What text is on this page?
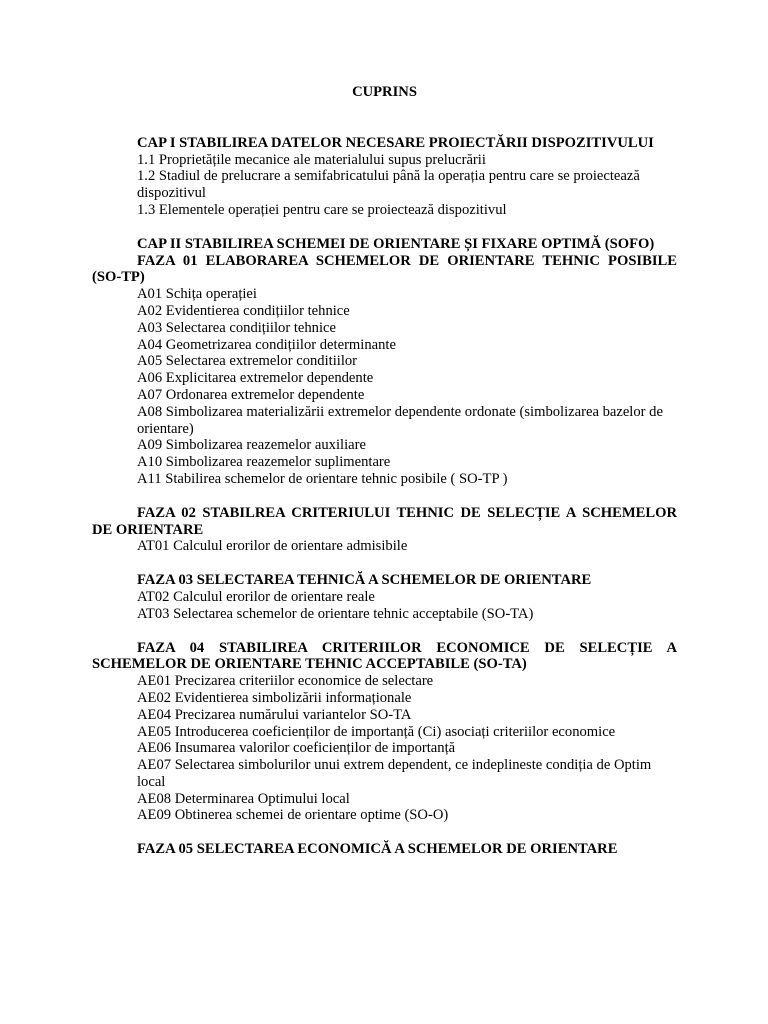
CUPRINS
CAP I STABILIREA DATELOR NECESARE PROIECTĂRII DISPOZITIVULUI
1.1 Proprietățile mecanice ale materialului supus prelucrării
1.2 Stadiul de prelucrare a semifabricatului până la operația pentru care se proiectează dispozitivul
1.3 Elementele operației pentru care se proiectează dispozitivul
CAP II STABILIREA SCHEMEI DE ORIENTARE ȘI FIXARE OPTIMĂ (SOFO)
FAZA 01 ELABORAREA SCHEMELOR DE ORIENTARE TEHNIC POSIBILE (SO-TP)
A01 Schița operației
A02 Evidentierea condițiilor tehnice
A03 Selectarea condițiilor tehnice
A04 Geometrizarea condițiilor determinante
A05 Selectarea extremelor conditiilor
A06 Explicitarea extremelor dependente
A07 Ordonarea extremelor dependente
A08 Simbolizarea materializării extremelor dependente ordonate (simbolizarea bazelor de orientare)
A09 Simbolizarea reazemelor auxiliare
A10 Simbolizarea reazemelor suplimentare
A11 Stabilirea schemelor de orientare tehnic posibile ( SO-TP )
FAZA 02 STABILREA CRITERIULUI TEHNIC DE SELECȚIE A SCHEMELOR DE ORIENTARE
AT01 Calculul erorilor de orientare admisibile
FAZA 03 SELECTAREA TEHNICĂ A SCHEMELOR DE ORIENTARE
AT02 Calculul erorilor de orientare reale
AT03 Selectarea schemelor de orientare tehnic acceptabile (SO-TA)
FAZA 04 STABILIREA CRITERIILOR ECONOMICE DE SELECȚIE A SCHEMELOR DE ORIENTARE TEHNIC ACCEPTABILE (SO-TA)
AE01 Precizarea criteriilor economice de selectare
AE02 Evidentierea simbolizării informaționale
AE04 Precizarea numărului variantelor SO-TA
AE05 Introducerea coeficienților de importanță (Ci) asociați criteriilor economice
AE06 Insumarea valorilor coeficienților de importanță
AE07 Selectarea simbolurilor unui extrem dependent, ce indeplineste condiția de Optim local
AE08 Determinarea Optimului local
AE09 Obtinerea schemei de orientare optime (SO-O)
FAZA 05 SELECTAREA ECONOMICĂ A SCHEMELOR DE ORIENTARE
